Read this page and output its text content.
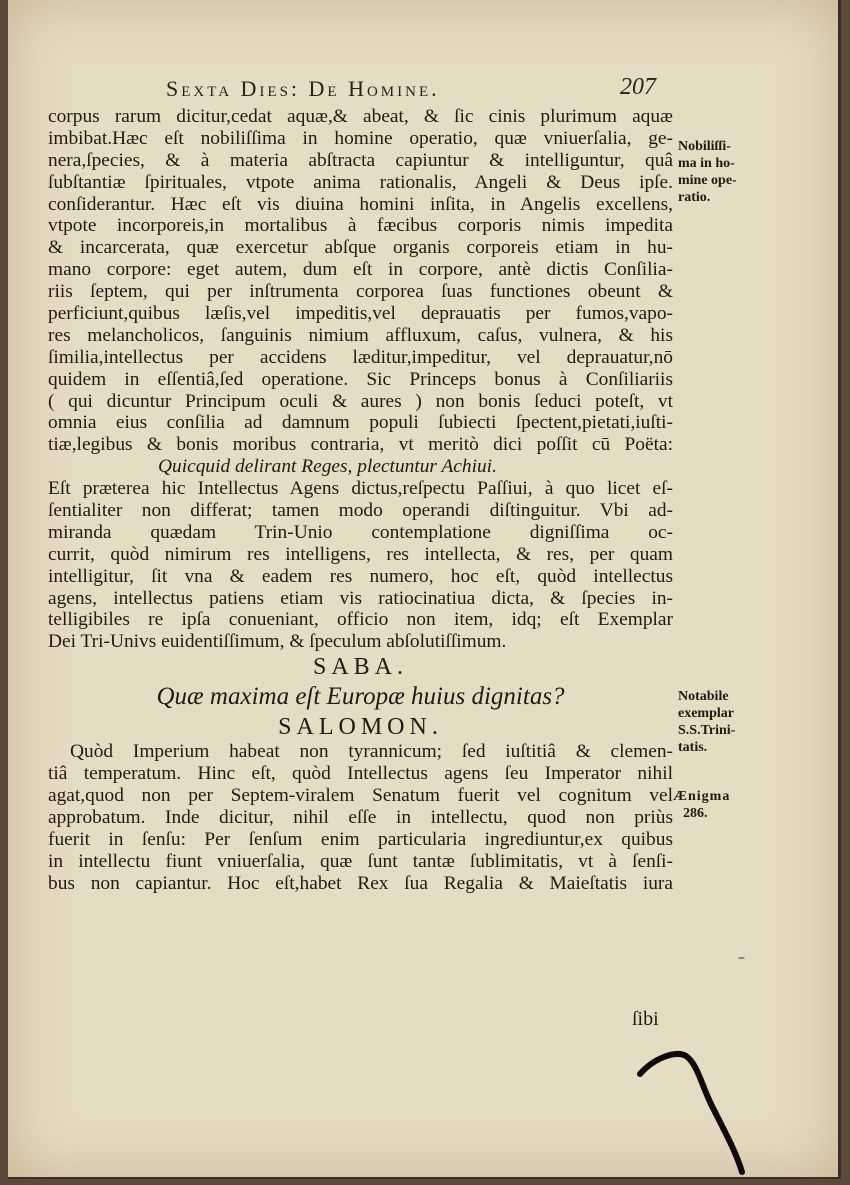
Sexta Dies: De Homine.	207
corpus rarum dicitur,cedat aquæ,& abeat, & ſic cinis plurimum aquæ
imbibat.Hæc eſt nobiliſſima in homine operatio, quæ vniuerſalia, ge-
nera,ſpecies, & à materia abſtracta capiuntur & intelliguntur, quâ
ſubſtantiæ ſpirituales, vtpote anima rationalis, Angeli & Deus ipſe.
conſiderantur. Hæc eſt vis diuina homini inſita, in Angelis excellens,
vtpote incorporeis,in mortalibus à fæcibus corporis nimis impedita
& incarcerata, quæ exercetur abſque organis corporeis etiam in hu-
mano corpore: eget autem, dum eſt in corpore, antè dictis Conſilia-
riis ſeptem, qui per inſtrumenta corporea ſuas functiones obeunt &
perficiunt,quibus læſis,vel impeditis,vel deprauatis per fumos,vapo-
res melancholicos, ſanguinis nimium affluxum, caſus, vulnera, & his
ſimilia,intellectus per accidens læditur,impeditur, vel deprauatur,nō
quidem in eſſentiâ,ſed operatione. Sic Princeps bonus à Conſiliariis
( qui dicuntur Principum oculi & aures ) non bonis ſeduci poteſt, vt
omnia eius conſilia ad damnum populi ſubiecti ſpectent,pietati,iuſti-
tiæ,legibus & bonis moribus contraria, vt meritò dici poſſit cū Poëta:
Quicquid delirant Reges, plectuntur Achiui.
Eſt præterea hic Intellectus Agens dictus,reſpectu Paſſiui, à quo licet eſ-
ſentialiter non differat; tamen modo operandi diſtinguitur. Vbi ad-
miranda quædam Trin-Unio contemplatione digniſſima oc-
currit, quòd nimirum res intelligens, res intellecta, & res, per quam
intelligitur, ſit vna & eadem res numero, hoc eſt, quòd intellectus
agens, intellectus patiens etiam vis ratiocinatiua dicta, & ſpecies in-
telligibiles re ipſa conueniant, officio non item, idq; eſt Exemplar
Dei Tri-Univs euidentiſſimum, & ſpeculum abſolutiſſimum.
SABA.
Quæ maxima eſt Europæ huius dignitas?
SALOMON.
Quòd Imperium habeat non tyrannicum; ſed iuſtitiâ & clemen-
tiâ temperatum. Hinc eſt, quòd Intellectus agens ſeu Imperator nihil
agat,quod non per Septem-viralem Senatum fuerit vel cognitum vel
approbatum. Inde dicitur, nihil eſſe in intellectu, quod non priùs
fuerit in ſenſu: Per ſenſum enim particularia ingrediuntur,ex quibus
in intellectu fiunt vniuerſalia, quæ ſunt tantæ ſublimitatis, vt à ſenſi-
bus non capiantur. Hoc eſt,habet Rex ſua Regalia & Maieſtatis iura
Nobiliſſi-
ma in ho-
mine ope-
ratio.
Notabile
exemplar
S.S.Trini-
tatis.
Ænigma
286.
–
ſibi
